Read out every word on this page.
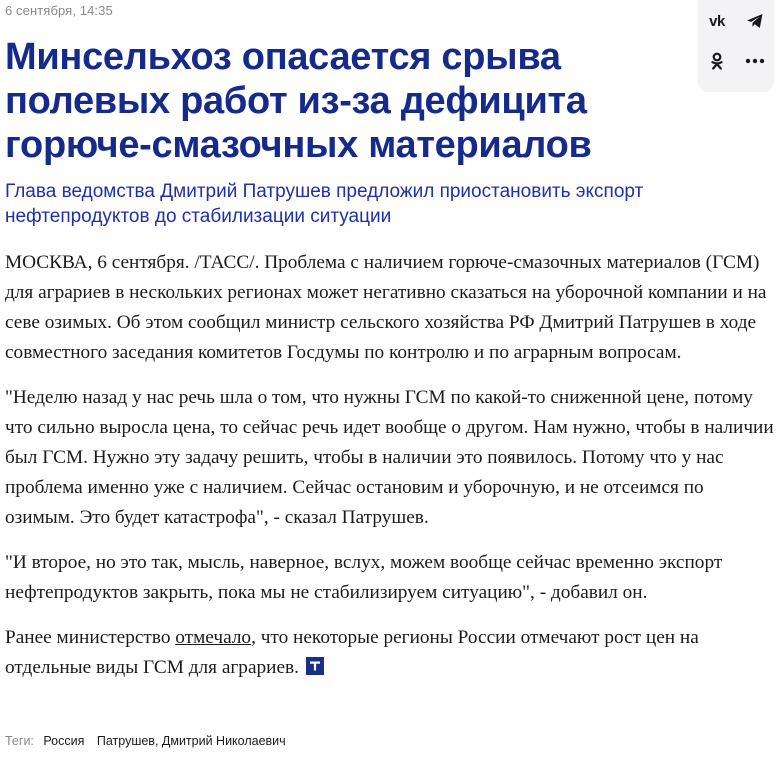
6 сентября, 14:35
vk
Минсельхоз опасается срыва полевых работ из-за дефицита горюче-смазочных материалов

Глава ведомства Дмитрий Патрушев предложил приостановить экспорт нефтепродуктов до стабилизации ситуации

МОСКВА, 6 сентября. /ТАСС/. Проблема с наличием горюче-смазочных материалов (ГСМ) для аграриев в нескольких регионах может негативно сказаться на уборочной компании и на севе озимых. Об этом сообщил министр сельского хозяйства РФ Дмитрий Патрушев в ходе совместного заседания комитетов Госдумы по контролю и по аграрным вопросам.

"Неделю назад у нас речь шла о том, что нужны ГСМ по какой-то сниженной цене, потому что сильно выросла цена, то сейчас речь идет вообще о другом. Нам нужно, чтобы в наличии был ГСМ. Нужно эту задачу решить, чтобы в наличии это появилось. Потому что у нас проблема именно уже с наличием. Сейчас остановим и уборочную, и не отсеимся по озимым. Это будет катастрофа", - сказал Патрушев.

"И второе, но это так, мысль, наверное, вслух, можем вообще сейчас временно экспорт нефтепродуктов закрыть, пока мы не стабилизируем ситуацию", - добавил он.

Ранее министерство отмечало, что некоторые регионы России отмечают рост цен на отдельные виды ГСМ для аграриев.

Теги: Россия Патрушев, Дмитрий Николаевич
